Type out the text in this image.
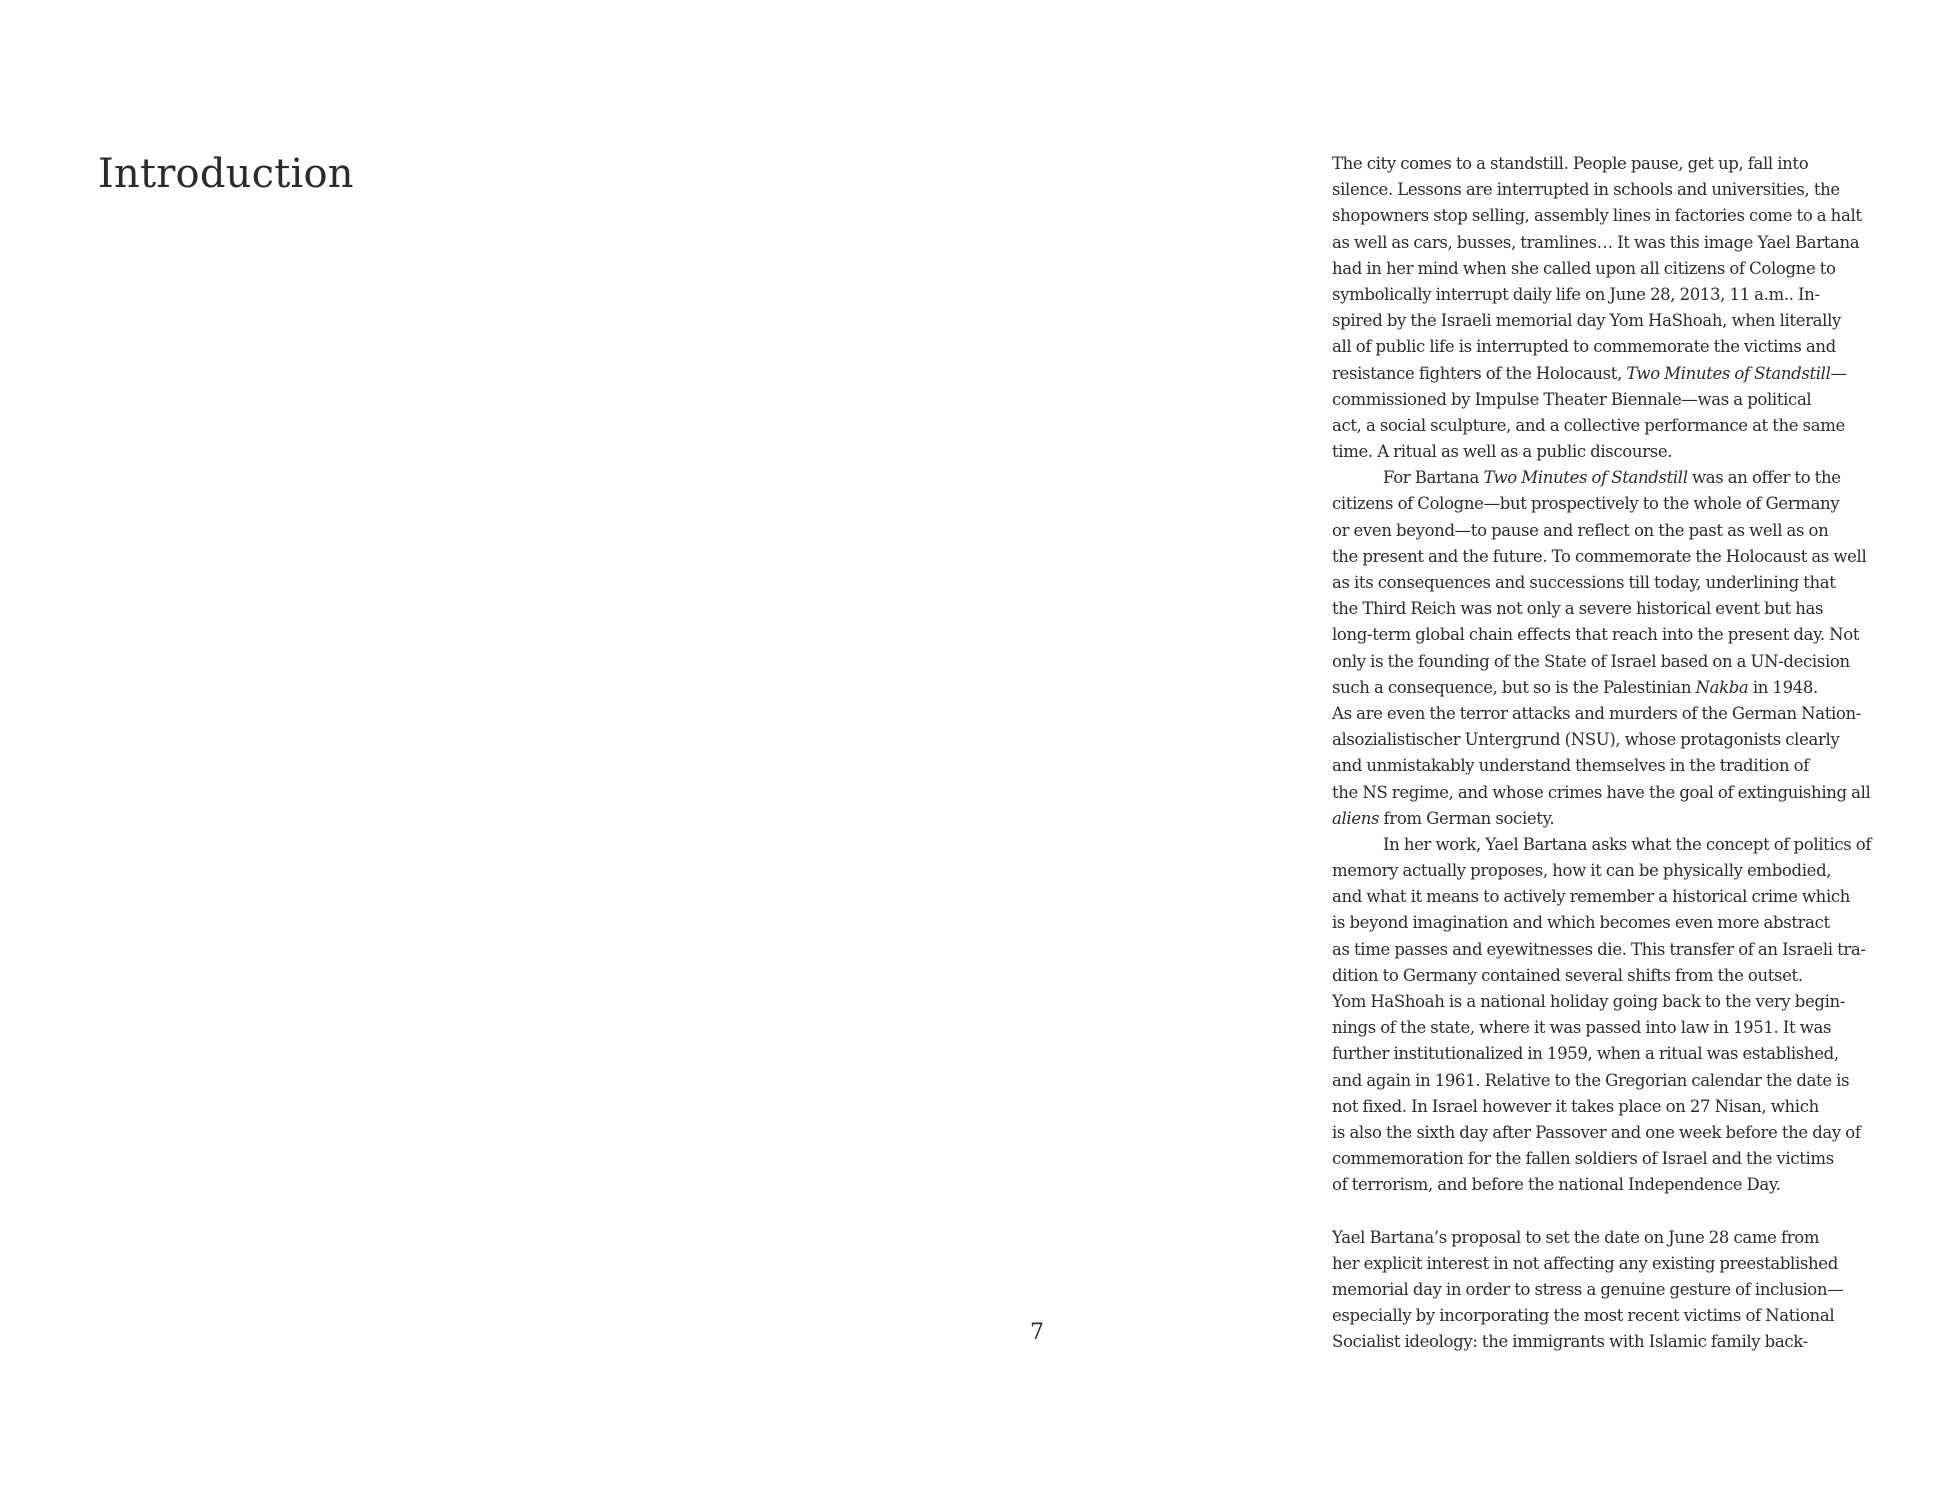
Introduction
7

The city comes to a standstill. People pause, get up, fall into
silence. Lessons are interrupted in schools and universities, the
shopowners stop selling, assembly lines in factories come to a halt
as well as cars, busses, tramlines… It was this image Yael Bartana
had in her mind when she called upon all citizens of Cologne to
symbolically interrupt daily life on June 28, 2013, 11 a.m.. In-
spired by the Israeli memorial day Yom HaShoah, when literally
all of public life is interrupted to commemorate the victims and
resistance fighters of the Holocaust, Two Minutes of Standstill—
commissioned by Impulse Theater Biennale—was a political
act, a social sculpture, and a collective performance at the same
time. A ritual as well as a public discourse.

For Bartana Two Minutes of Standstill was an offer to the
citizens of Cologne—but prospectively to the whole of Germany
or even beyond—to pause and reflect on the past as well as on
the present and the future. To commemorate the Holocaust as well
as its consequences and successions till today, underlining that
the Third Reich was not only a severe historical event but has
long-term global chain effects that reach into the present day. Not
only is the founding of the State of Israel based on a UN-decision
such a consequence, but so is the Palestinian Nakba in 1948.
As are even the terror attacks and murders of the German Nation-
alsozialistischer Untergrund (NSU), whose protagonists clearly
and unmistakably understand themselves in the tradition of
the NS regime, and whose crimes have the goal of extinguishing all
aliens from German society.

In her work, Yael Bartana asks what the concept of politics of
memory actually proposes, how it can be physically embodied,
and what it means to actively remember a historical crime which
is beyond imagination and which becomes even more abstract
as time passes and eyewitnesses die. This transfer of an Israeli tra-
dition to Germany contained several shifts from the outset.
Yom HaShoah is a national holiday going back to the very begin-
nings of the state, where it was passed into law in 1951. It was
further institutionalized in 1959, when a ritual was established,
and again in 1961. Relative to the Gregorian calendar the date is
not fixed. In Israel however it takes place on 27 Nisan, which
is also the sixth day after Passover and one week before the day of
commemoration for the fallen soldiers of Israel and the victims
of terrorism, and before the national Independence Day.

Yael Bartana’s proposal to set the date on June 28 came from
her explicit interest in not affecting any existing preestablished
memorial day in order to stress a genuine gesture of inclusion—
especially by incorporating the most recent victims of National
Socialist ideology: the immigrants with Islamic family back-
